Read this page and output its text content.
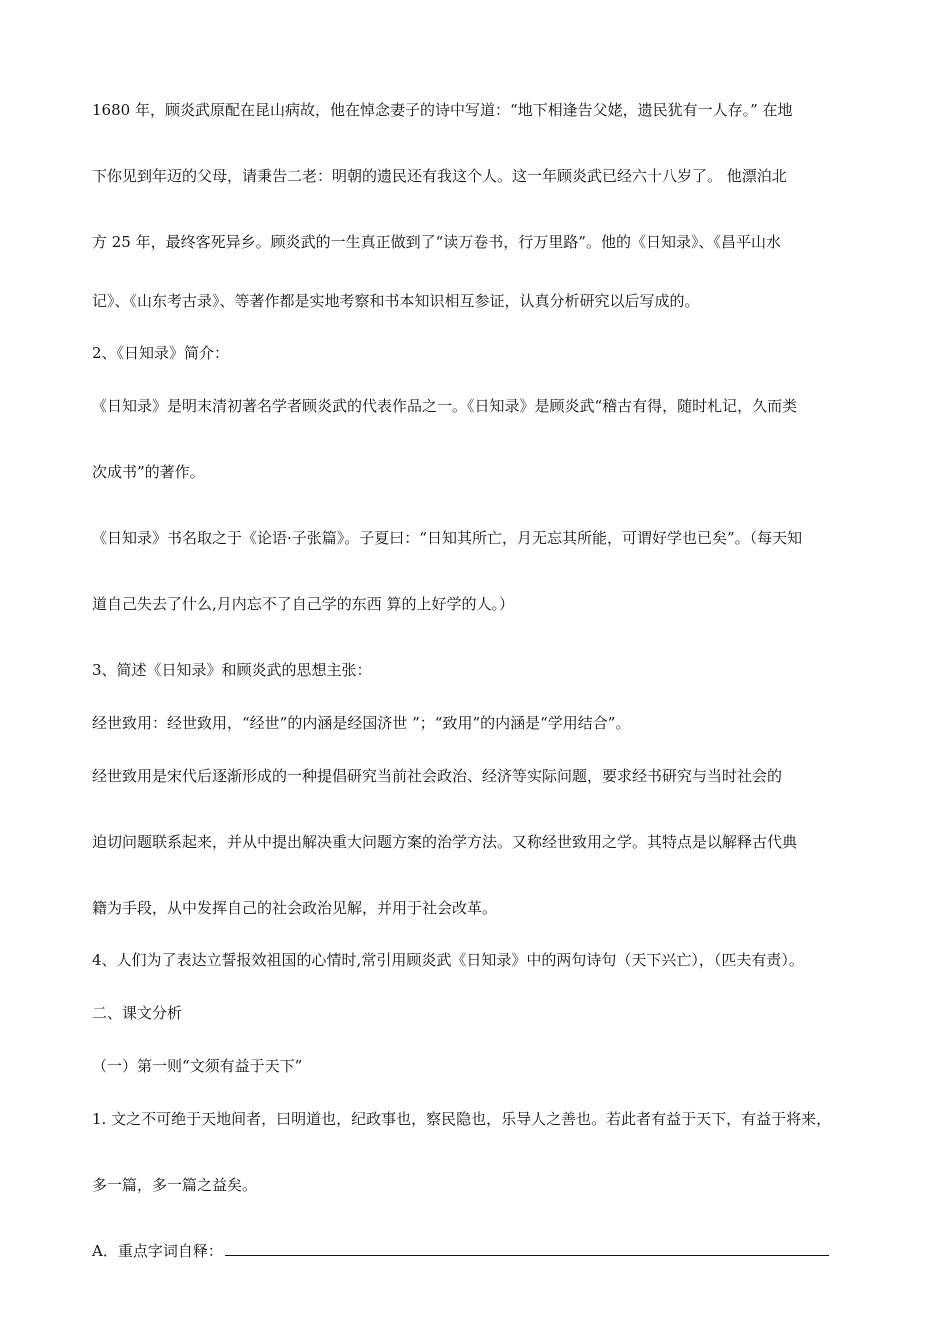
1680 年，顾炎武原配在昆山病故，他在悼念妻子的诗中写道：“地下相逢告父姥，遗民犹有一人存。” 在地
下你见到年迈的父母，请秉告二老：明朝的遗民还有我这个人。这一年顾炎武已经六十八岁了。 他漂泊北
方 25 年，最终客死异乡。顾炎武的一生真正做到了“读万卷书，行万里路”。他的《日知录》、《昌平山水
记》、《山东考古录》、等著作都是实地考察和书本知识相互参证，认真分析研究以后写成的。

2、《日知录》简介：

《日知录》是明末清初著名学者顾炎武的代表作品之一。《日知录》是顾炎武“稽古有得，随时札记，久而类
次成书”的著作。

《日知录》书名取之于《论语·子张篇》。子夏曰：“日知其所亡，月无忘其所能，可谓好学也已矣”。（每天知
道自己失去了什么,月内忘不了自己学的东西 算的上好学的人。）

3、简述《日知录》和顾炎武的思想主张：

经世致用：经世致用，“经世”的内涵是经国济世 ”；“致用”的内涵是“学用结合”。

经世致用是宋代后逐渐形成的一种提倡研究当前社会政治、经济等实际问题，要求经书研究与当时社会的
迫切问题联系起来，并从中提出解决重大问题方案的治学方法。又称经世致用之学。其特点是以解释古代典
籍为手段，从中发挥自己的社会政治见解，并用于社会改革。

4、人们为了表达立誓报效祖国的心情时,常引用顾炎武《日知录》中的两句诗句（天下兴亡），（匹夫有责）。

二、课文分析

（一）第一则“文须有益于天下”

1. 文之不可绝于天地间者，曰明道也，纪政事也，察民隐也，乐导人之善也。若此者有益于天下，有益于将来，
多一篇，多一篇之益矣。

A．重点字词自释：
